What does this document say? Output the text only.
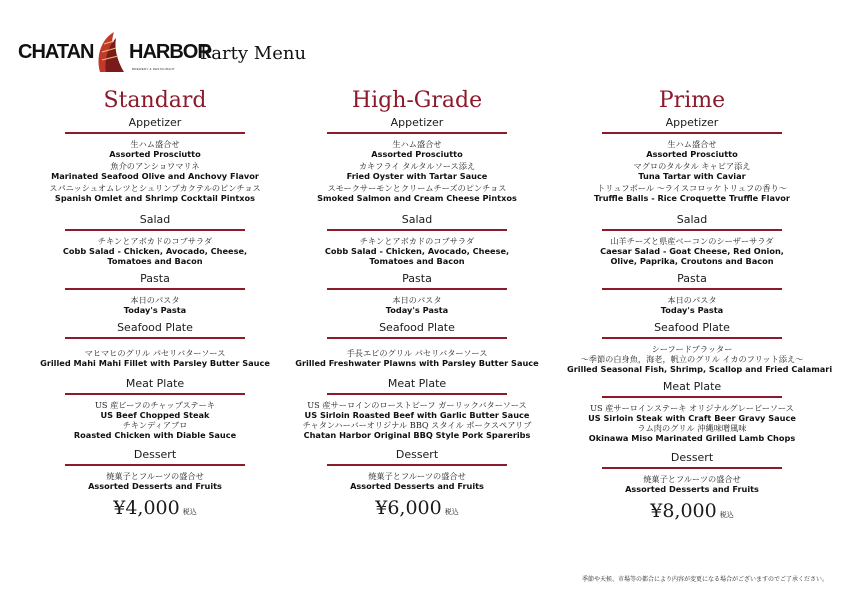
CHATAN HARBOR
BREWERY & RESTAURANT
Party Menu
Standard
Appetizer
生ハム盛合せ
Assorted Prosciutto
魚介のアンショワマリネ
Marinated Seafood Olive and Anchovy Flavor
スパニッシュオムレツとシュリンプカクテルのピンチョス
Spanish Omlet and Shrimp Cocktail Pintxos
Salad
チキンとアボカドのコブサラダ
Cobb Salad - Chicken, Avocado, Cheese,
Tomatoes and Bacon
Pasta
本日のパスタ
Today's Pasta
Seafood Plate
マヒマヒのグリル パセリバターソース
Grilled Mahi Mahi Fillet with Parsley Butter Sauce
Meat Plate
US 産ビーフのチャップステーキ
US Beef Chopped Steak
チキンディアブロ
Roasted Chicken with Diable Sauce
Dessert
焼菓子とフルーツの盛合せ
Assorted Desserts and Fruits
¥4,000 税込
High-Grade
Appetizer
生ハム盛合せ
Assorted Prosciutto
カキフライ タルタルソース添え
Fried Oyster with Tartar Sauce
スモークサーモンとクリームチーズのピンチョス
Smoked Salmon and Cream Cheese Pintxos
Salad
チキンとアボカドのコブサラダ
Cobb Salad - Chicken, Avocado, Cheese,
Tomatoes and Bacon
Pasta
本日のパスタ
Today's Pasta
Seafood Plate
手長エビのグリル パセリバターソース
Grilled Freshwater Plawns with Parsley Butter Sauce
Meat Plate
US 産サーロインのローストビーフ ガーリックバターソース
US Sirloin Roasted Beef with Garlic Butter Sauce
チャタンハーバーオリジナル BBQ スタイル ポークスペアリブ
Chatan Harbor Original BBQ Style Pork Spareribs
Dessert
焼菓子とフルーツの盛合せ
Assorted Desserts and Fruits
¥6,000 税込
Prime
Appetizer
生ハム盛合せ
Assorted Prosciutto
マグロのタルタル キャビア添え
Tuna Tartar with Caviar
トリュフボール 〜ライスコロッケトリュフの香り〜
Truffle Balls - Rice Croquette Truffle Flavor
Salad
山羊チーズと県産ベーコンのシーザーサラダ
Caesar Salad - Goat Cheese, Red Onion,
Olive, Paprika, Croutons and Bacon
Pasta
本日のパスタ
Today's Pasta
Seafood Plate
シーフードプラッター
〜季節の白身魚，海老，帆立のグリル イカのフリット添え〜
Grilled Seasonal Fish, Shrimp, Scallop and Fried Calamari
Meat Plate
US 産サーロインステーキ オリジナルグレービーソース
US Sirloin Steak with Craft Beer Gravy Sauce
ラム肉のグリル 沖縄味噌風味
Okinawa Miso Marinated Grilled Lamb Chops
Dessert
焼菓子とフルーツの盛合せ
Assorted Desserts and Fruits
¥8,000 税込
季節や天候、市場等の都合により内容が変更になる場合がございますのでご了承ください。
